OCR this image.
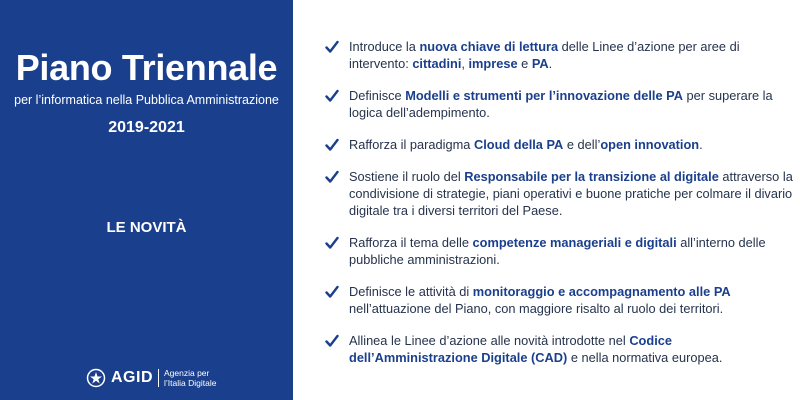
Piano Triennale
per l’informatica nella Pubblica Amministrazione
2019-2021
LE NOVITÀ
AGID Agenzia per
l’Italia Digitale
Introduce la nuova chiave di lettura delle Linee d’azione per aree di intervento: cittadini, imprese e PA.
Definisce Modelli e strumenti per l’innovazione delle PA per superare la logica dell’adempimento.
Rafforza il paradigma Cloud della PA e dell’open innovation.
Sostiene il ruolo del Responsabile per la transizione al digitale attraverso la condivisione di strategie, piani operativi e buone pratiche per colmare il divario digitale tra i diversi territori del Paese.
Rafforza il tema delle competenze manageriali e digitali all’interno delle pubbliche amministrazioni.
Definisce le attività di monitoraggio e accompagnamento alle PA nell’attuazione del Piano, con maggiore risalto al ruolo dei territori.
Allinea le Linee d’azione alle novità introdotte nel Codice dell’Amministrazione Digitale (CAD) e nella normativa europea.
